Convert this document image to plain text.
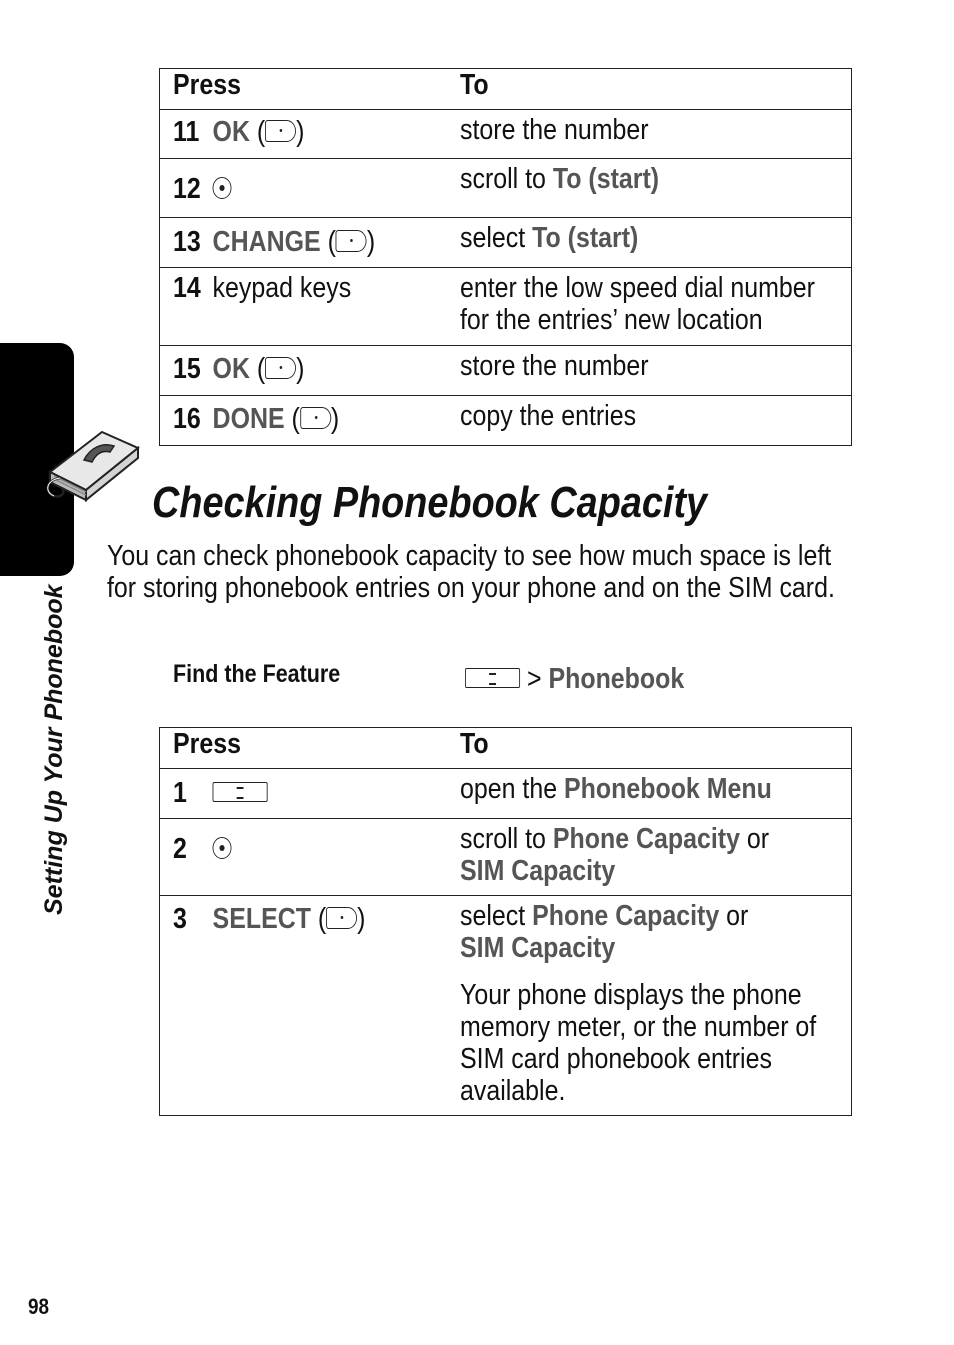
Setting Up Your Phonebook
Press	To
11 OK ( )	store the number
12	scroll to To (start)
13 CHANGE ( )	select To (start)
14 keypad keys	enter the low speed dial number for the entries’ new location
15 OK ( )	store the number
16 DONE ( )	copy the entries
Checking Phonebook Capacity
You can check phonebook capacity to see how much space is left for storing phonebook entries on your phone and on the SIM card.
Find the Feature	> Phonebook
Press	To
1	open the Phonebook Menu
2	scroll to Phone Capacity or
SIM Capacity
3 SELECT ( )	select Phone Capacity or
SIM Capacity
Your phone displays the phone memory meter, or the number of SIM card phonebook entries available.
98
